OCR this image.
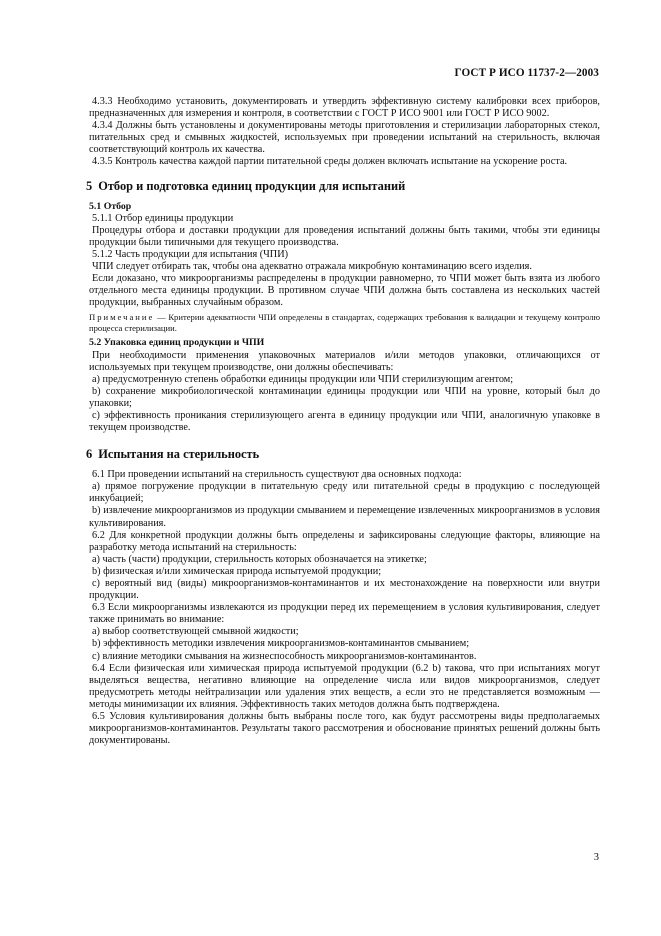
ГОСТ Р ИСО 11737-2—2003

4.3.3 Необходимо установить, документировать и утвердить эффективную систему калибровки всех приборов, предназначенных для измерения и контроля, в соответствии с ГОСТ Р ИСО 9001 или ГОСТ Р ИСО 9002.

4.3.4 Должны быть установлены и документированы методы приготовления и стерилизации лабораторных стекол, питательных сред и смывных жидкостей, используемых при проведении испытаний на стерильность, включая соответствующий контроль их качества.

4.3.5 Контроль качества каждой партии питательной среды должен включать испытание на ускорение роста.

5 Отбор и подготовка единиц продукции для испытаний
5.1 Отбор

5.1.1 Отбор единицы продукции

Процедуры отбора и доставки продукции для проведения испытаний должны быть такими, чтобы эти единицы продукции были типичными для текущего производства.

5.1.2 Часть продукции для испытания (ЧПИ)

ЧПИ следует отбирать так, чтобы она адекватно отражала микробную контаминацию всего изделия.

Если доказано, что микроорганизмы распределены в продукции равномерно, то ЧПИ может быть взята из любого отдельного места единицы продукции. В противном случае ЧПИ должна быть составлена из нескольких частей продукции, выбранных случайным образом.

Примечание — Критерии адекватности ЧПИ определены в стандартах, содержащих требования к валидации и текущему контролю процесса стерилизации.

5.2 Упаковка единиц продукции и ЧПИ

При необходимости применения упаковочных материалов и/или методов упаковки, отличающихся от используемых при текущем производстве, они должны обеспечивать:

a) предусмотренную степень обработки единицы продукции или ЧПИ стерилизующим агентом;

b) сохранение микробиологической контаминации единицы продукции или ЧПИ на уровне, который был до упаковки;

c) эффективность проникания стерилизующего агента в единицу продукции или ЧПИ, аналогичную упаковке в текущем производстве.

6 Испытания на стерильность

6.1 При проведении испытаний на стерильность существуют два основных подхода:

a) прямое погружение продукции в питательную среду или питательной среды в продукцию с последующей инкубацией;

b) извлечение микроорганизмов из продукции смыванием и перемещение извлеченных микроорганизмов в условия культивирования.

6.2 Для конкретной продукции должны быть определены и зафиксированы следующие факторы, влияющие на разработку метода испытаний на стерильность:

a) часть (части) продукции, стерильность которых обозначается на этикетке;

b) физическая и/или химическая природа испытуемой продукции;

c) вероятный вид (виды) микроорганизмов-контаминантов и их местонахождение на поверхности или внутри продукции.

6.3 Если микроорганизмы извлекаются из продукции перед их перемещением в условия культивирования, следует также принимать во внимание:

a) выбор соответствующей смывной жидкости;

b) эффективность методики извлечения микроорганизмов-контаминантов смыванием;

c) влияние методики смывания на жизнеспособность микроорганизмов-контаминантов.

6.4 Если физическая или химическая природа испытуемой продукции (6.2 b) такова, что при испытаниях могут выделяться вещества, негативно влияющие на определение числа или видов микроорганизмов, следует предусмотреть методы нейтрализации или удаления этих веществ, а если это не представляется возможным — методы минимизации их влияния. Эффективность таких методов должна быть подтверждена.

6.5 Условия культивирования должны быть выбраны после того, как будут рассмотрены виды предполагаемых микроорганизмов-контаминантов. Результаты такого рассмотрения и обоснование принятых решений должны быть документированы.

3
